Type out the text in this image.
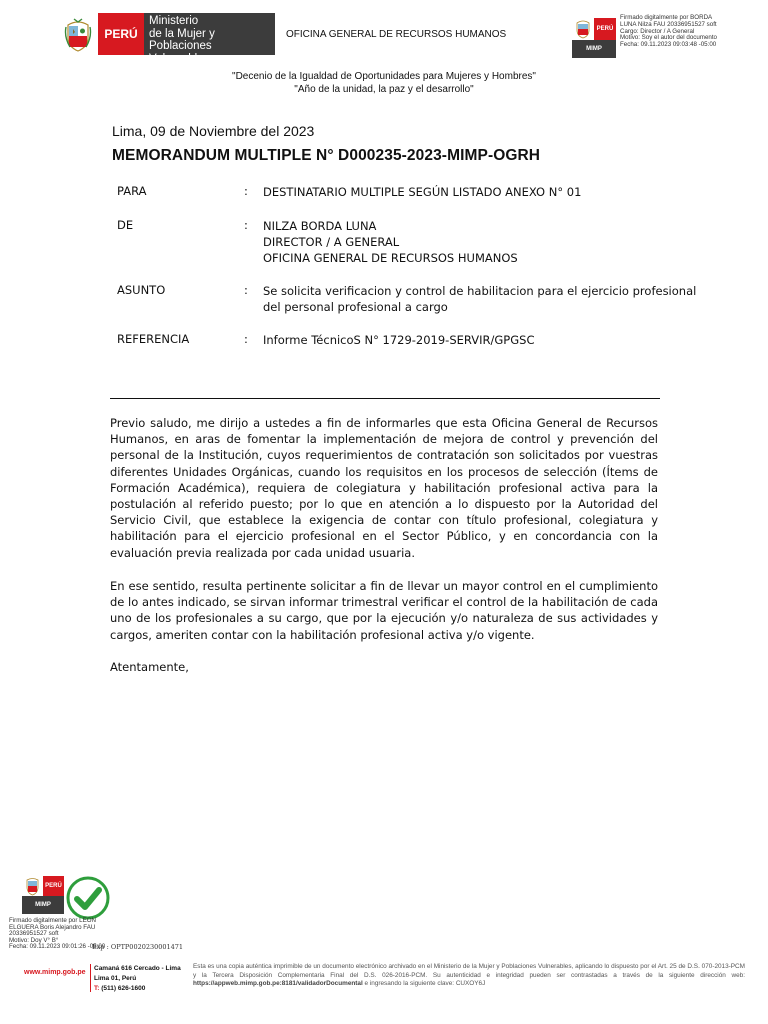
PERÚ
Ministerio
de la Mujer y
Poblaciones Vulnerables
OFICINA GENERAL DE RECURSOS HUMANOS	PERÚ
MIMP
Firmado digitalmente por BORDA
LUNA Nilza FAU 20336951527 soft
Cargo: Director / A General
Motivo: Soy el autor del documento
Fecha: 09.11.2023 09:03:48 -05:00
"Decenio de la Igualdad de Oportunidades para Mujeres y Hombres"
"Año de la unidad, la paz y el desarrollo"
Lima, 09 de Noviembre del 2023
MEMORANDUM MULTIPLE N° D000235-2023-MIMP-OGRH
PARA	: DESTINATARIO MULTIPLE SEGÚN LISTADO ANEXO N° 01
DE	: NILZA BORDA LUNA
DIRECTOR / A GENERAL
OFICINA GENERAL DE RECURSOS HUMANOS
ASUNTO	: Se solicita verificacion y control de habilitacion para el ejercicio profesional
del personal profesional a cargo
REFERENCIA	: Informe TécnicoS N° 1729-2019-SERVIR/GPGSC

Previo saludo, me dirijo a ustedes a fin de informarles que esta Oficina General de Recursos Humanos, en aras de fomentar la implementación de mejora de control y prevención del personal de la Institución, cuyos requerimientos de contratación son solicitados por vuestras diferentes Unidades Orgánicas, cuando los requisitos en los procesos de selección (Ítems de Formación Académica), requiera de colegiatura y habilitación profesional activa para la postulación al referido puesto; por lo que en atención a lo dispuesto por la Autoridad del Servicio Civil, que establece la exigencia de contar con título profesional, colegiatura y habilitación para el ejercicio profesional en el Sector Público, y en concordancia con la evaluación previa realizada por cada unidad usuaria.

En ese sentido, resulta pertinente solicitar a fin de llevar un mayor control en el cumplimiento de lo antes indicado, se sirvan informar trimestral verificar el control de la habilitación de cada uno de los profesionales a su cargo, que por la ejecución y/o naturaleza de sus actividades y cargos, ameriten contar con la habilitación profesional activa y/o vigente.

Atentamente,
PERÚ
MIMP
Firmado digitalmente por LEON
ELGUERA Boris Alejandro FAU
20336951527 soft
Motivo: Doy V° B°
Fecha: 09.11.2023 09:01:26 -05:00
Exp : OPTP0020230001471
www.mimp.gob.pe
Camaná 616 Cercado - Lima
Lima 01, Perú
T: (511) 626-1600
Esta es una copia auténtica imprimible de un documento electrónico archivado en el Ministerio de la Mujer y Poblaciones Vulnerables, aplicando lo dispuesto por el Art. 25 de D.S. 070-2013-PCM y la Tercera Disposición Complementaria Final del D.S. 026-2016-PCM. Su autenticidad e integridad pueden ser contrastadas a través de la siguiente dirección web: https://appweb.mimp.gob.pe:8181/validadorDocumental e ingresando la siguiente clave: CUXOY6J
